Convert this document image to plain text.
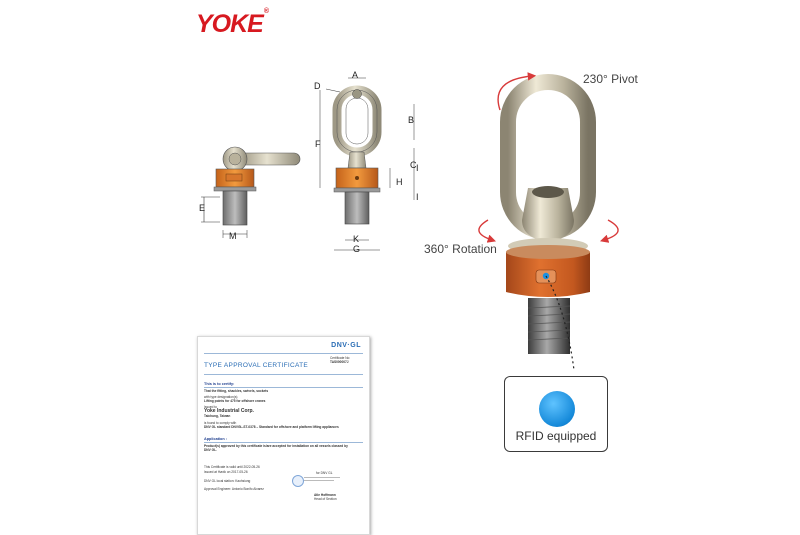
YOKE®
A
D
B
F
C I
H
I
E
M	K
G
230° Pivot
360° Rotation
RFID equipped
DNV·GL
Certificate No:
TAS000007J
TYPE APPROVAL CERTIFICATE
This is to certify:
That the fitting, shackles, swivels, sockets
with type designation(s)
Lifting points for 475 for offshore cranes
Issued to
Yoke Industrial Corp.
Taichung, Taiwan
is found to comply with
DNV GL standard DNVGL-ST-0378 – Standard for offshore and platform lifting appliances
Application :
Product(s) approved by this certificate is/are accepted for installation on all vessels classed by DNV GL.
This Certificate is valid until 2022-05-26
Issued at Høvik on 2017-05-26
DNV GL local station: Kaohsiung
Approval Engineer: Antonio Bonifo Alvarez
for DNV GL
Atle Hoffmann
Head of Section
